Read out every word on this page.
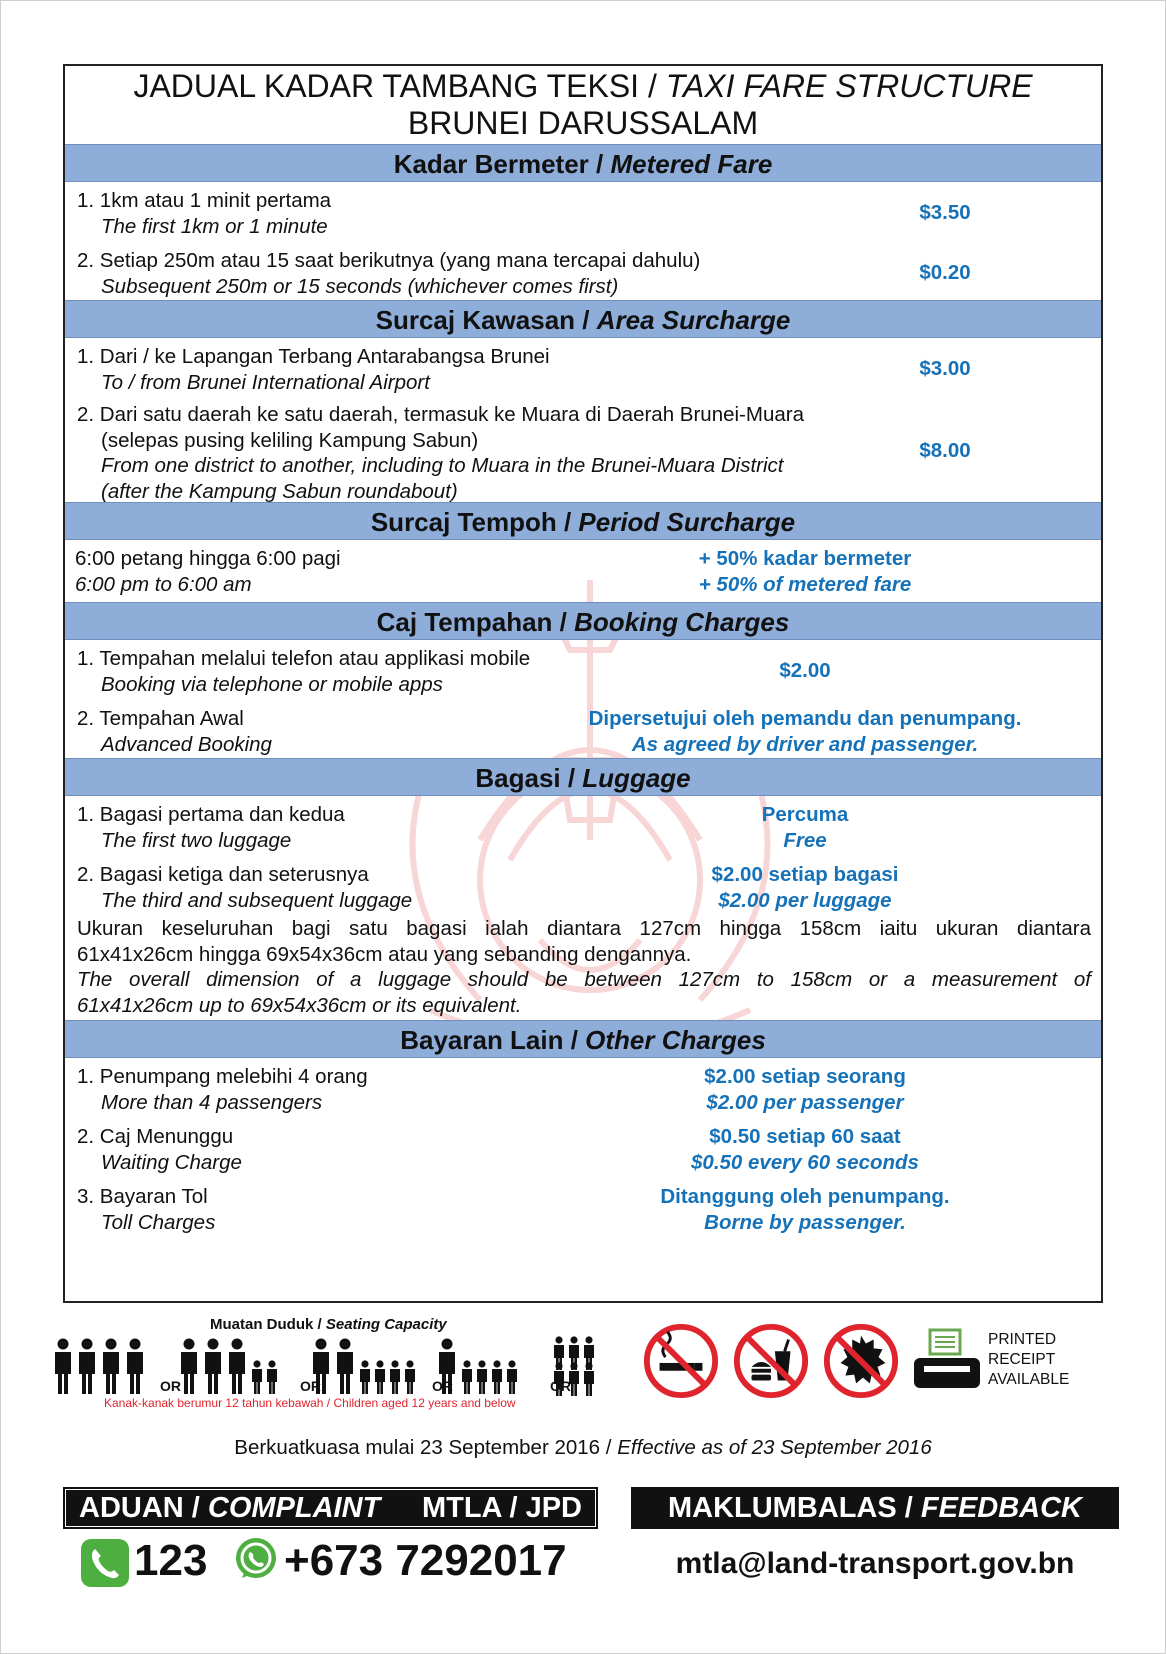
JADUAL KADAR TAMBANG TEKSI / TAXI FARE STRUCTURE
BRUNEI DARUSSALAM
Kadar Bermeter / Metered Fare
1. 1km atau 1 minit pertama
The first 1km or 1 minute
$3.50
2. Setiap 250m atau 15 saat berikutnya (yang mana tercapai dahulu)
Subsequent 250m or 15 seconds (whichever comes first)
$0.20
Surcaj Kawasan / Area Surcharge
1. Dari / ke Lapangan Terbang Antarabangsa Brunei
To / from Brunei International Airport
$3.00
2. Dari satu daerah ke satu daerah, termasuk ke Muara di Daerah Brunei-Muara
(selepas pusing keliling Kampung Sabun)
From one district to another, including to Muara in the Brunei-Muara District
(after the Kampung Sabun roundabout)
$8.00
Surcaj Tempoh / Period Surcharge
6:00 petang hingga 6:00 pagi
6:00 pm to 6:00 am
+ 50% kadar bermeter
+ 50% of metered fare
Caj Tempahan / Booking Charges
1. Tempahan melalui telefon atau applikasi mobile
Booking via telephone or mobile apps
$2.00
2. Tempahan Awal
Advanced Booking
Dipersetujui oleh pemandu dan penumpang.
As agreed by driver and passenger.
Bagasi / Luggage
1. Bagasi pertama dan kedua
The first two luggage
Percuma
Free
2. Bagasi ketiga dan seterusnya
The third and subsequent luggage
$2.00 setiap bagasi
$2.00 per luggage
Ukuran keseluruhan bagi satu bagasi ialah diantara 127cm hingga 158cm iaitu ukuran diantara
61x41x26cm hingga 69x54x36cm atau yang sebanding dengannya.
The overall dimension of a luggage should be between 127cm to 158cm or a measurement of
61x41x26cm up to 69x54x36cm or its equivalent.
Bayaran Lain / Other Charges
1. Penumpang melebihi 4 orang
More than 4 passengers
$2.00 setiap seorang
$2.00 per passenger
2. Caj Menunggu
Waiting Charge
$0.50 setiap 60 saat
$0.50 every 60 seconds
3. Bayaran Tol
Toll Charges
Ditanggung oleh penumpang.
Borne by passenger.
Muatan Duduk / Seating Capacity
OR	OR	OR	OR
Kanak-kanak berumur 12 tahun kebawah / Children aged 12 years and below
PRINTED
RECEIPT
AVAILABLE
Berkuatkuasa mulai 23 September 2016 / Effective as of 23 September 2016
ADUAN / COMPLAINT MTLA / JPD	MAKLUMBALAS / FEEDBACK
123 +673 7292017	mtla@land-transport.gov.bn
